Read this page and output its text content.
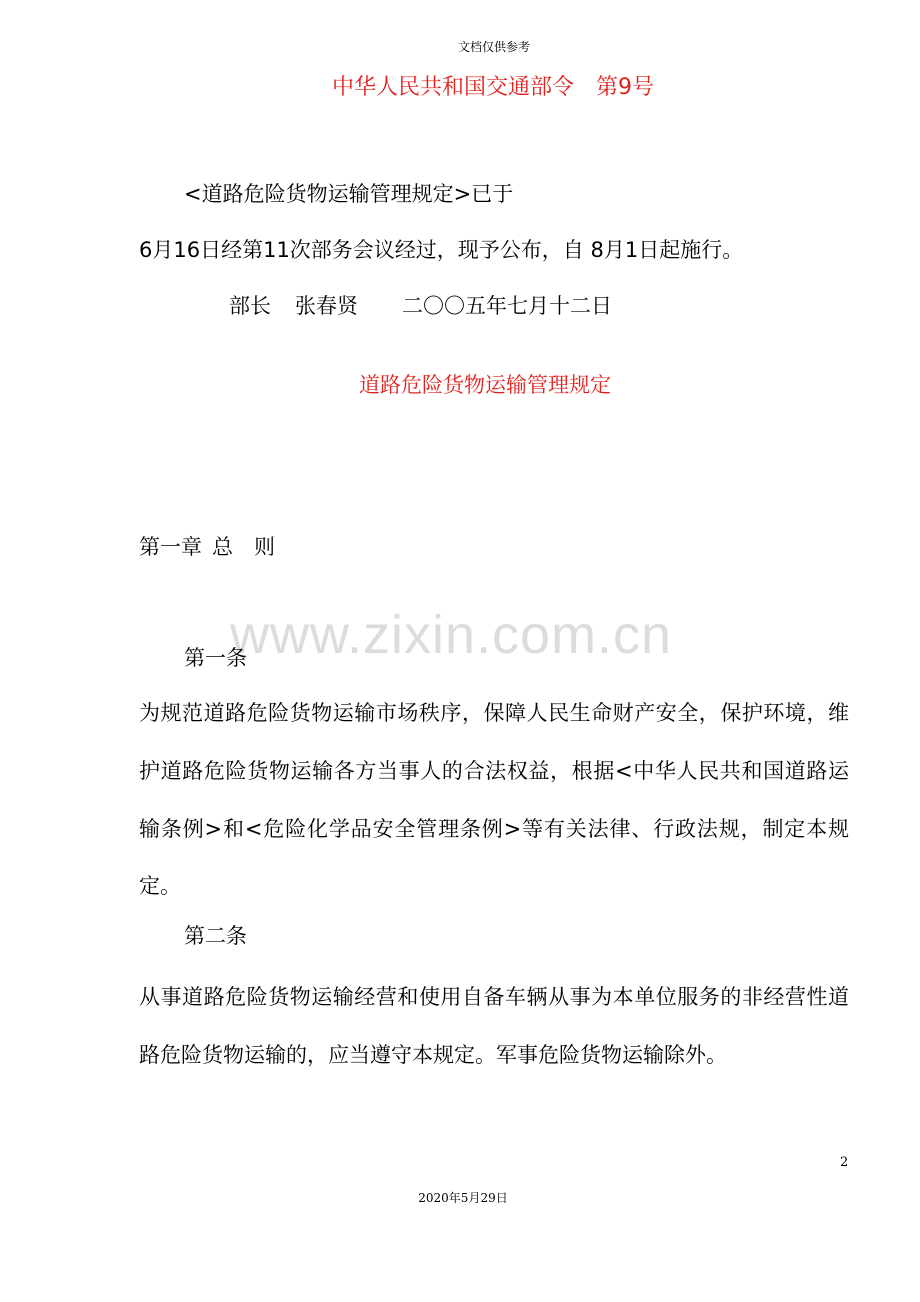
文档仅供参考
中华人民共和国交通部令 第9号
<道路危险货物运输管理规定>已于
6月16日经第11次部务会议经过，现予公布，自 8月1日起施行。
部长 张春贤 二〇〇五年七月十二日
道路危险货物运输管理规定
第一章 总 则
www.zixin.com.cn
第一条
为规范道路危险货物运输市场秩序，保障人民生命财产安全，保护环境，维护道路危险货物运输各方当事人的合法权益，根据<中华人民共和国道路运输条例>和<危险化学品安全管理条例>等有关法律、行政法规，制定本规定。
第二条
从事道路危险货物运输经营和使用自备车辆从事为本单位服务的非经营性道路危险货物运输的，应当遵守本规定。军事危险货物运输除外。
2
2020年5月29日
